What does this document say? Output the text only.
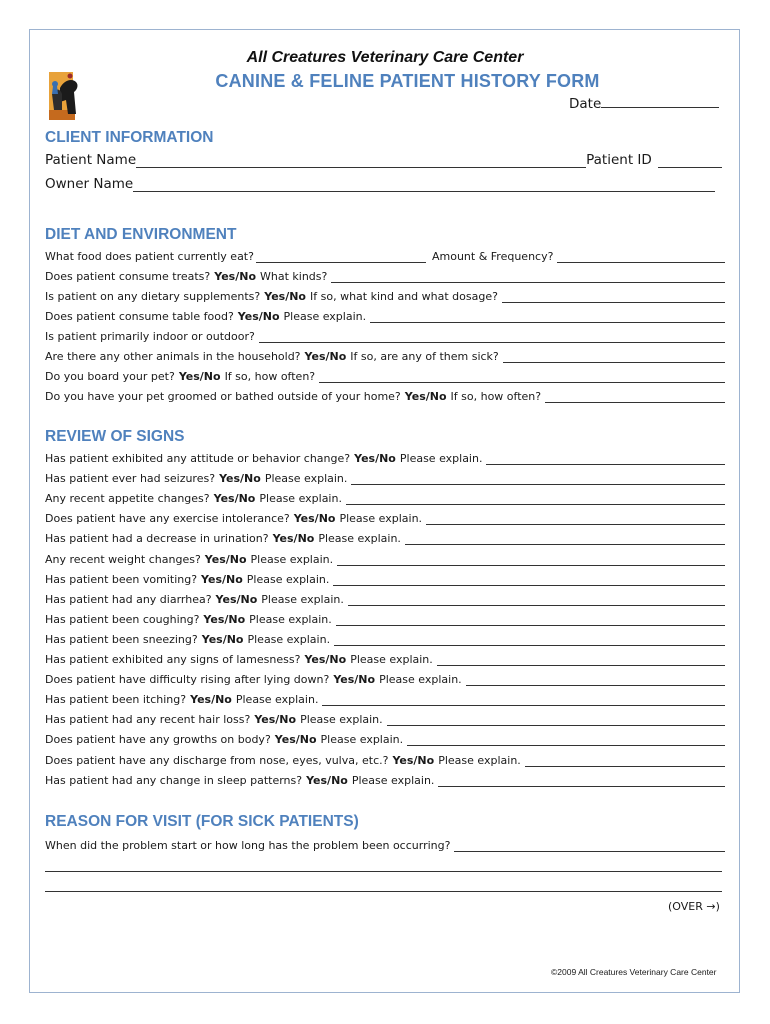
All Creatures Veterinary Care Center
CANINE & FELINE PATIENT HISTORY FORM
Date
CLIENT INFORMATION
Patient Name	Patient ID
Owner Name
DIET AND ENVIRONMENT
What food does patient currently eat?	Amount & Frequency?
Does patient consume treats? Yes/No What kinds?
Is patient on any dietary supplements? Yes/No If so, what kind and what dosage?
Does patient consume table food? Yes/No Please explain.
Is patient primarily indoor or outdoor?
Are there any other animals in the household? Yes/No If so, are any of them sick?
Do you board your pet? Yes/No If so, how often?
Do you have your pet groomed or bathed outside of your home? Yes/No If so, how often?
REVIEW OF SIGNS
Has patient exhibited any attitude or behavior change? Yes/No Please explain.
Has patient ever had seizures? Yes/No Please explain.
Any recent appetite changes? Yes/No Please explain.
Does patient have any exercise intolerance? Yes/No Please explain.
Has patient had a decrease in urination? Yes/No Please explain.
Any recent weight changes? Yes/No Please explain.
Has patient been vomiting? Yes/No Please explain.
Has patient had any diarrhea? Yes/No Please explain.
Has patient been coughing? Yes/No Please explain.
Has patient been sneezing? Yes/No Please explain.
Has patient exhibited any signs of lamesness? Yes/No Please explain.
Does patient have difficulty rising after lying down? Yes/No Please explain.
Has patient been itching? Yes/No Please explain.
Has patient had any recent hair loss? Yes/No Please explain.
Does patient have any growths on body? Yes/No Please explain.
Does patient have any discharge from nose, eyes, vulva, etc.? Yes/No Please explain.
Has patient had any change in sleep patterns? Yes/No Please explain.
REASON FOR VISIT (FOR SICK PATIENTS)
When did the problem start or how long has the problem been occurring?
(OVER →)
©2009 All Creatures Veterinary Care Center
